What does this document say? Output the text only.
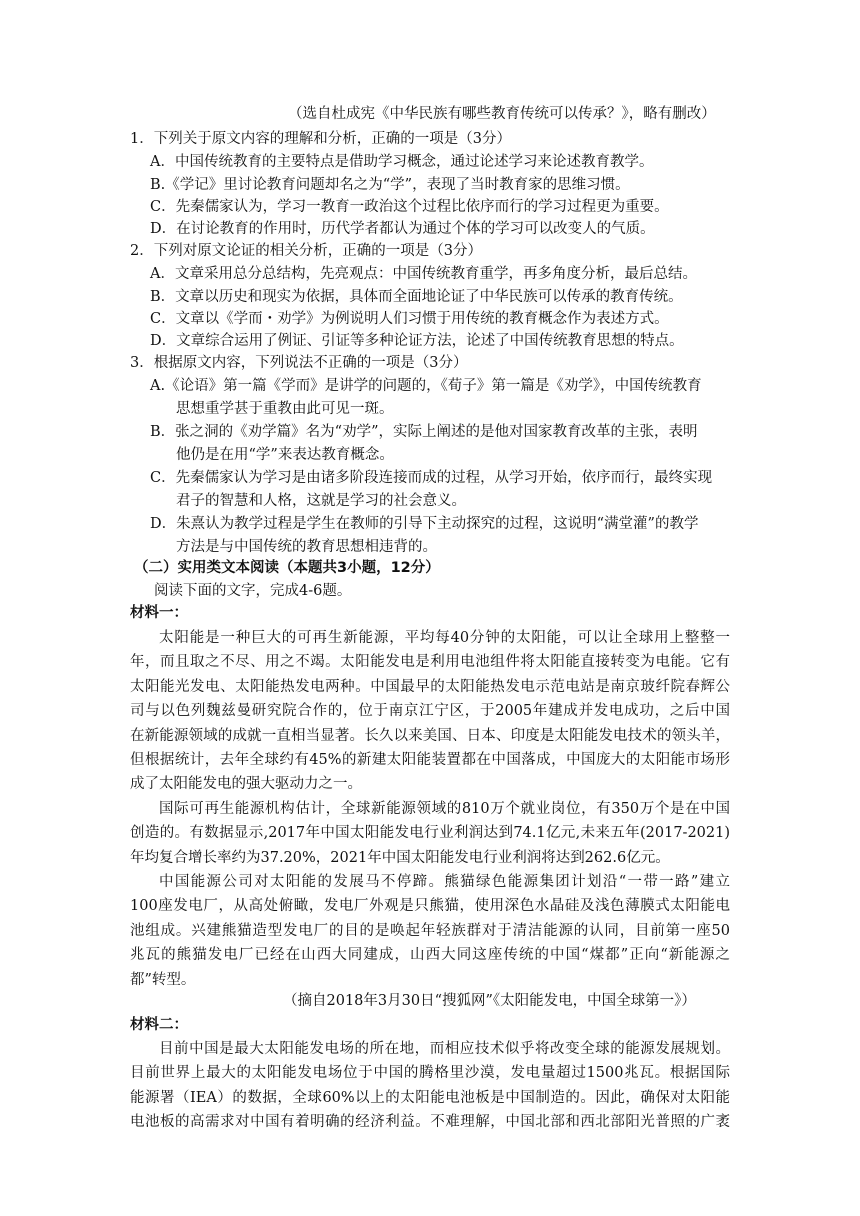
（选自杜成宪《中华民族有哪些教育传统可以传承？》，略有删改）
1．下列关于原文内容的理解和分析，正确的一项是（3分）
A．中国传统教育的主要特点是借助学习概念，通过论述学习来论述教育教学。
B.《学记》里讨论教育问题却名之为“学”，表现了当时教育家的思维习惯。
C．先秦儒家认为，学习一教育一政治这个过程比依序而行的学习过程更为重要。
D．在讨论教育的作用时，历代学者都认为通过个体的学习可以改变人的气质。
2．下列对原文论证的相关分析，正确的一项是（3分）
A．文章采用总分总结构，先亮观点：中国传统教育重学，再多角度分析，最后总结。
B．文章以历史和现实为依据，具体而全面地论证了中华民族可以传承的教育传统。
C．文章以《学而・劝学》为例说明人们习惯于用传统的教育概念作为表述方式。
D．文章综合运用了例证、引证等多种论证方法，论述了中国传统教育思想的特点。
3．根据原文内容，下列说法不正确的一项是（3分）
A.《论语》第一篇《学而》是讲学的问题的，《荀子》第一篇是《劝学》，中国传统教育
思想重学甚于重教由此可见一斑。
B．张之洞的《劝学篇》名为“劝学”，实际上阐述的是他对国家教育改革的主张，表明
他仍是在用“学”来表达教育概念。
C．先秦儒家认为学习是由诸多阶段连接而成的过程，从学习开始，依序而行，最终实现
君子的智慧和人格，这就是学习的社会意义。
D．朱熹认为教学过程是学生在教师的引导下主动探究的过程，这说明“满堂灌”的教学
方法是与中国传统的教育思想相违背的。
（二）实用类文本阅读（本题共3小题，12分）
阅读下面的文字，完成4-6题。
材料一：
太阳能是一种巨大的可再生新能源，平均每40分钟的太阳能，可以让全球用上整整一
年，而且取之不尽、用之不竭。太阳能发电是利用电池组件将太阳能直接转变为电能。它有
太阳能光发电、太阳能热发电两种。中国最早的太阳能热发电示范电站是南京玻纤院春辉公
司与以色列魏兹曼研究院合作的，位于南京江宁区，于2005年建成并发电成功，之后中国
在新能源领域的成就一直相当显著。长久以来美国、日本、印度是太阳能发电技术的领头羊，
但根据统计，去年全球约有45%的新建太阳能装置都在中国落成，中国庞大的太阳能市场形
成了太阳能发电的强大驱动力之一。
国际可再生能源机构估计，全球新能源领域的810万个就业岗位，有350万个是在中国
创造的。有数据显示,2017年中国太阳能发电行业利润达到74.1亿元,未来五年(2017-2021)
年均复合增长率约为37.20%，2021年中国太阳能发电行业利润将达到262.6亿元。
中国能源公司对太阳能的发展马不停蹄。熊猫绿色能源集团计划沿“一带一路”建立
100座发电厂，从高处俯瞰，发电厂外观是只熊猫，使用深色水晶硅及浅色薄膜式太阳能电
池组成。兴建熊猫造型发电厂的目的是唤起年轻族群对于清洁能源的认同，目前第一座50
兆瓦的熊猫发电厂已经在山西大同建成，山西大同这座传统的中国“煤都”正向“新能源之
都”转型。
（摘自2018年3月30日“搜狐网”《太阳能发电，中国全球第一》）
材料二：
目前中国是最大太阳能发电场的所在地，而相应技术似乎将改变全球的能源发展规划。
目前世界上最大的太阳能发电场位于中国的腾格里沙漠，发电量超过1500兆瓦。根据国际
能源署（IEA）的数据，全球60%以上的太阳能电池板是中国制造的。因此，确保对太阳能
电池板的高需求对中国有着明确的经济利益。不难理解，中国北部和西北部阳光普照的广袤
